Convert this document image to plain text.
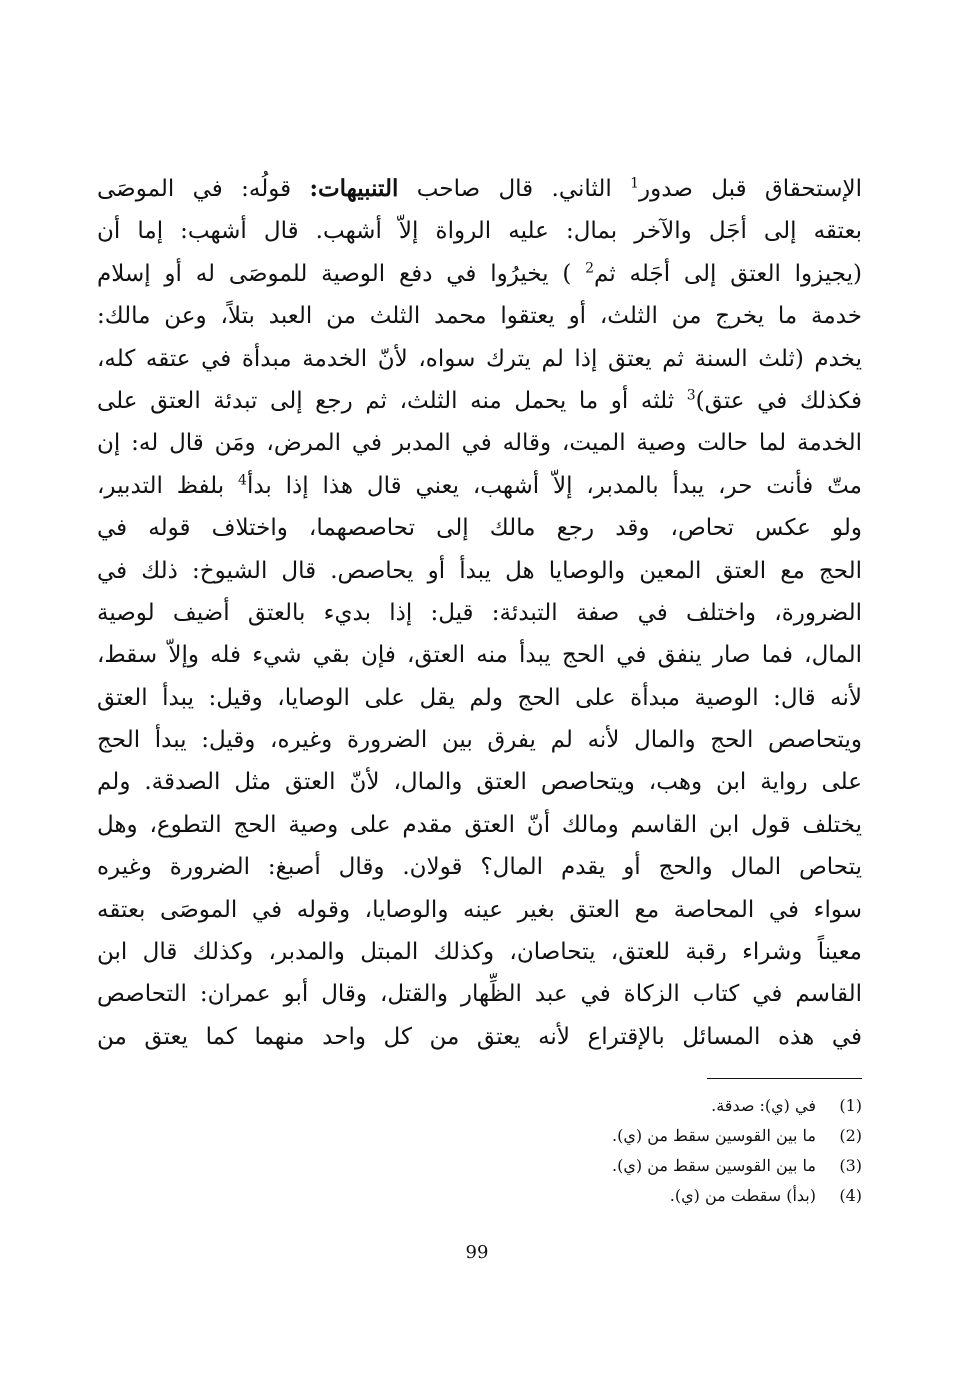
الإستحقاق قبل صدور$^1$ الثاني. قال صاحب التنبيهات: قولُه: في الموصَى
بعتقه إلى أجَل والآخر بمال: عليه الرواة إلاّ أشهب. قال أشهب: إما أن
(يجيزوا العتق إلى أجَله ثم$^2$ ) يخيرُوا في دفع الوصية للموصَى له أو إسلام
خدمة ما يخرج من الثلث، أو يعتقوا محمد الثلث من العبد بتلاً، وعن مالك:
يخدم (ثلث السنة ثم يعتق إذا لم يترك سواه، لأنّ الخدمة مبدأة في عتقه كله،
فكذلك في عتق)$^3$ ثلثه أو ما يحمل منه الثلث، ثم رجع إلى تبدئة العتق على
الخدمة لما حالت وصية الميت، وقاله في المدبر في المرض، ومَن قال له: إن
متّ فأنت حر، يبدأ بالمدبر، إلاّ أشهب، يعني قال هذا إذا بدأ$^4$ بلفظ التدبير،
ولو عكس تحاص، وقد رجع مالك إلى تحاصصهما، واختلاف قوله في
الحج مع العتق المعين والوصايا هل يبدأ أو يحاصص. قال الشيوخ: ذلك في
الضرورة، واختلف في صفة التبدئة: قيل: إذا بديء بالعتق أضيف لوصية
المال، فما صار ينفق في الحج يبدأ منه العتق، فإن بقي شيء فله وإلاّ سقط،
لأنه قال: الوصية مبدأة على الحج ولم يقل على الوصايا، وقيل: يبدأ العتق
ويتحاصص الحج والمال لأنه لم يفرق بين الضرورة وغيره، وقيل: يبدأ الحج
على رواية ابن وهب، ويتحاصص العتق والمال، لأنّ العتق مثل الصدقة. ولم
يختلف قول ابن القاسم ومالك أنّ العتق مقدم على وصية الحج التطوع، وهل
يتحاص المال والحج أو يقدم المال؟ قولان. وقال أصبغ: الضرورة وغيره
سواء في المحاصة مع العتق بغير عينه والوصايا، وقوله في الموصَى بعتقه
معيناً وشراء رقبة للعتق، يتحاصان، وكذلك المبتل والمدبر، وكذلك قال ابن
القاسم في كتاب الزكاة في عبد الظِّهار والقتل، وقال أبو عمران: التحاصص
في هذه المسائل بالإقتراع لأنه يعتق من كل واحد منهما كما يعتق من
(1)في (ي): صدقة.
(2)ما بين القوسين سقط من (ي).
(3)ما بين القوسين سقط من (ي).
(4)(بدأ) سقطت من (ي).
99
